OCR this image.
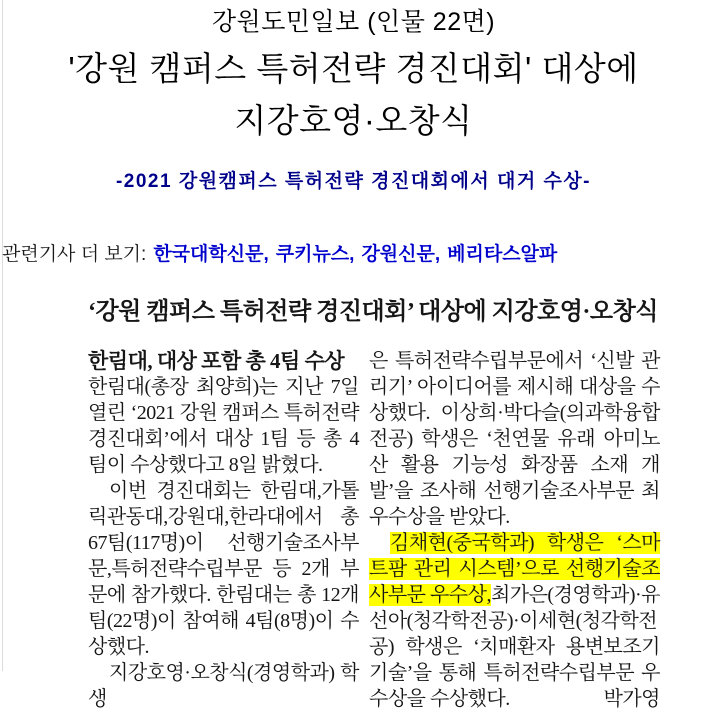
강원도민일보 (인물 22면)
'강원 캠퍼스 특허전략 경진대회' 대상에
지강호영·오창식
-2021 강원캠퍼스 특허전략 경진대회에서 대거 수상-
관련기사 더 보기: 한국대학신문, 쿠키뉴스, 강원신문, 베리타스알파
‘강원 캠퍼스 특허전략 경진대회’ 대상에 지강호영·오창식

한림대, 대상 포함 총 4팀 수상

한림대(총장 최양희)는 지난 7일 열린 ‘2021 강원 캠퍼스 특허전략 경진대회’에서 대상 1팀 등 총 4팀이 수상했다고 8일 밝혔다.

이번 경진대회는 한림대,가톨릭관동대,강원대,한라대에서 총 67팀(117명)이 선행기술조사부문,특허전략수립부문 등 2개 부문에 참가했다. 한림대는 총 12개팀(22명)이 참여해 4팀(8명)이 수상했다.

지강호영·오창식(경영학과) 학생

은 특허전략수립부문에서 ‘신발 관리기’ 아이디어를 제시해 대상을 수상했다. 이상희·박다슬(의과학융합전공) 학생은 ‘천연물 유래 아미노산 활용 기능성 화장품 소재 개발’을 조사해 선행기술조사부문 최우수상을 받았다.

김채현(중국학과) 학생은 ‘스마트팜 관리 시스템’으로 선행기술조사부문 우수상,최가은(경영학과)·유선아(청각학전공)·이세현(청각학전공) 학생은 ‘치매환자 용변보조기 기술’을 통해 특허전략수립부문 우수상을 수상했다.	박가영
